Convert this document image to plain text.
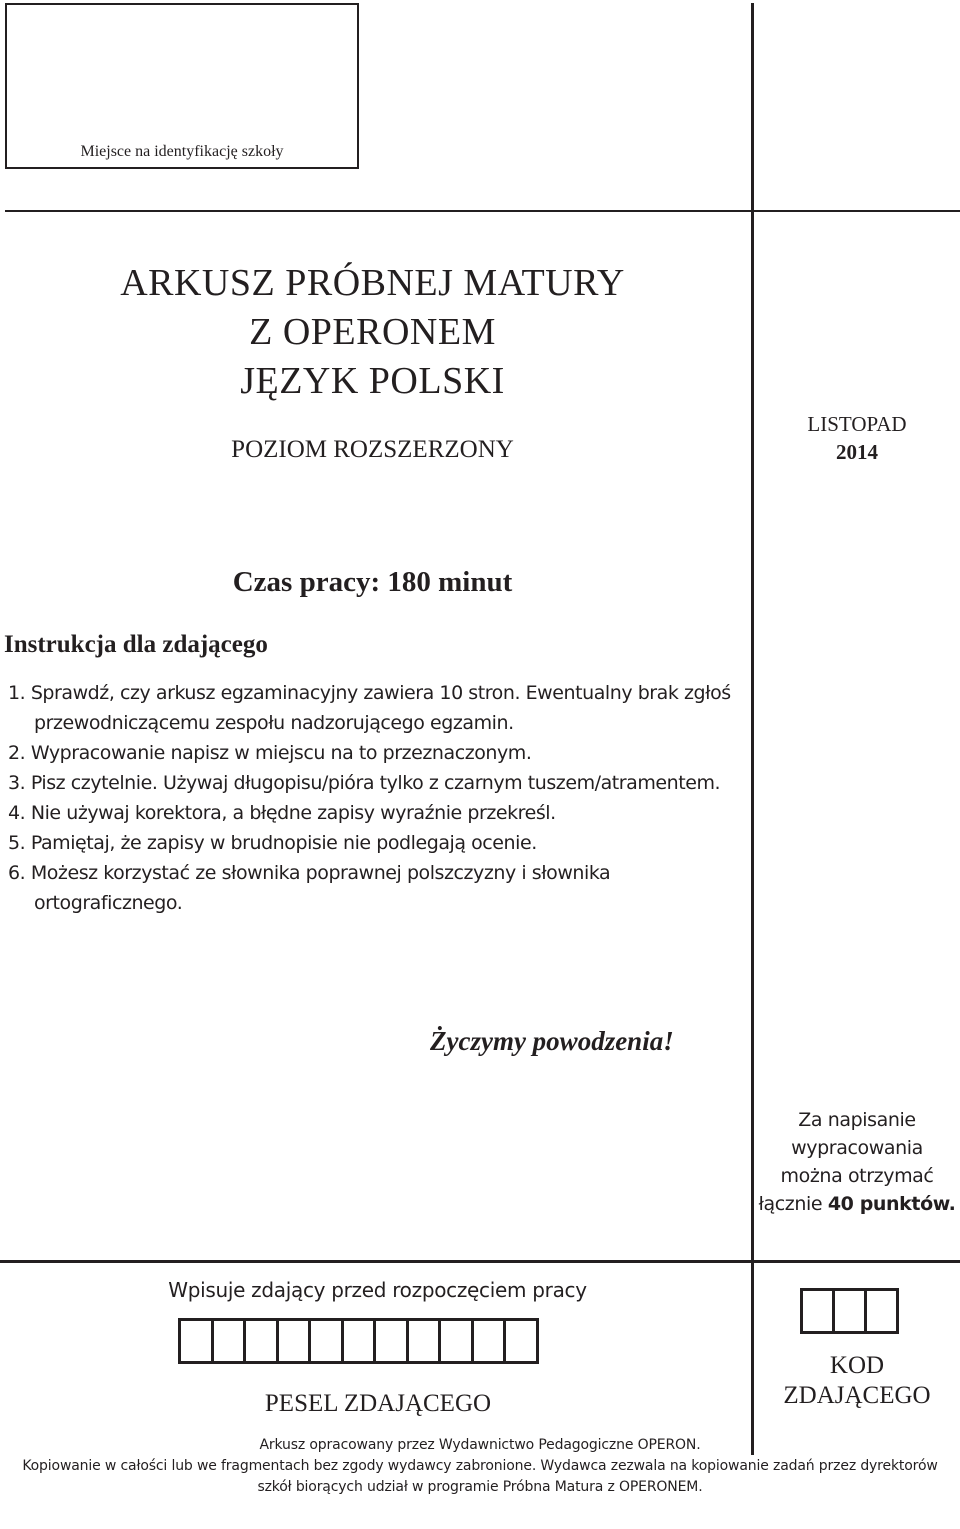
Miejsce na identyfikację szkoły
ARKUSZ PRÓBNEJ MATURY
Z OPERONEM
JĘZYK POLSKI
POZIOM ROZSZERZONY
LISTOPAD
2014
Czas pracy: 180 minut
Instrukcja dla zdającego
1. Sprawdź, czy arkusz egzaminacyjny zawiera 10 stron. Ewentualny brak zgłoś przewodniczącemu zespołu nadzorującego egzamin.
2. Wypracowanie napisz w miejscu na to przeznaczonym.
3. Pisz czytelnie. Używaj długopisu/pióra tylko z czarnym tuszem/atramentem.
4. Nie używaj korektora, a błędne zapisy wyraźnie przekreśl.
5. Pamiętaj, że zapisy w brudnopisie nie podlegają ocenie.
6. Możesz korzystać ze słownika poprawnej polszczyzny i słownika ortograficznego.
Życzymy powodzenia!
Za napisanie
wypracowania
można otrzymać
łącznie 40 punktów.
Wpisuje zdający przed rozpoczęciem pracy
PESEL ZDAJĄCEGO
KOD
ZDAJĄCEGO
Arkusz opracowany przez Wydawnictwo Pedagogiczne OPERON.
Kopiowanie w całości lub we fragmentach bez zgody wydawcy zabronione. Wydawca zezwala na kopiowanie zadań przez dyrektorów
szkół biorących udział w programie Próbna Matura z OPERONEM.
